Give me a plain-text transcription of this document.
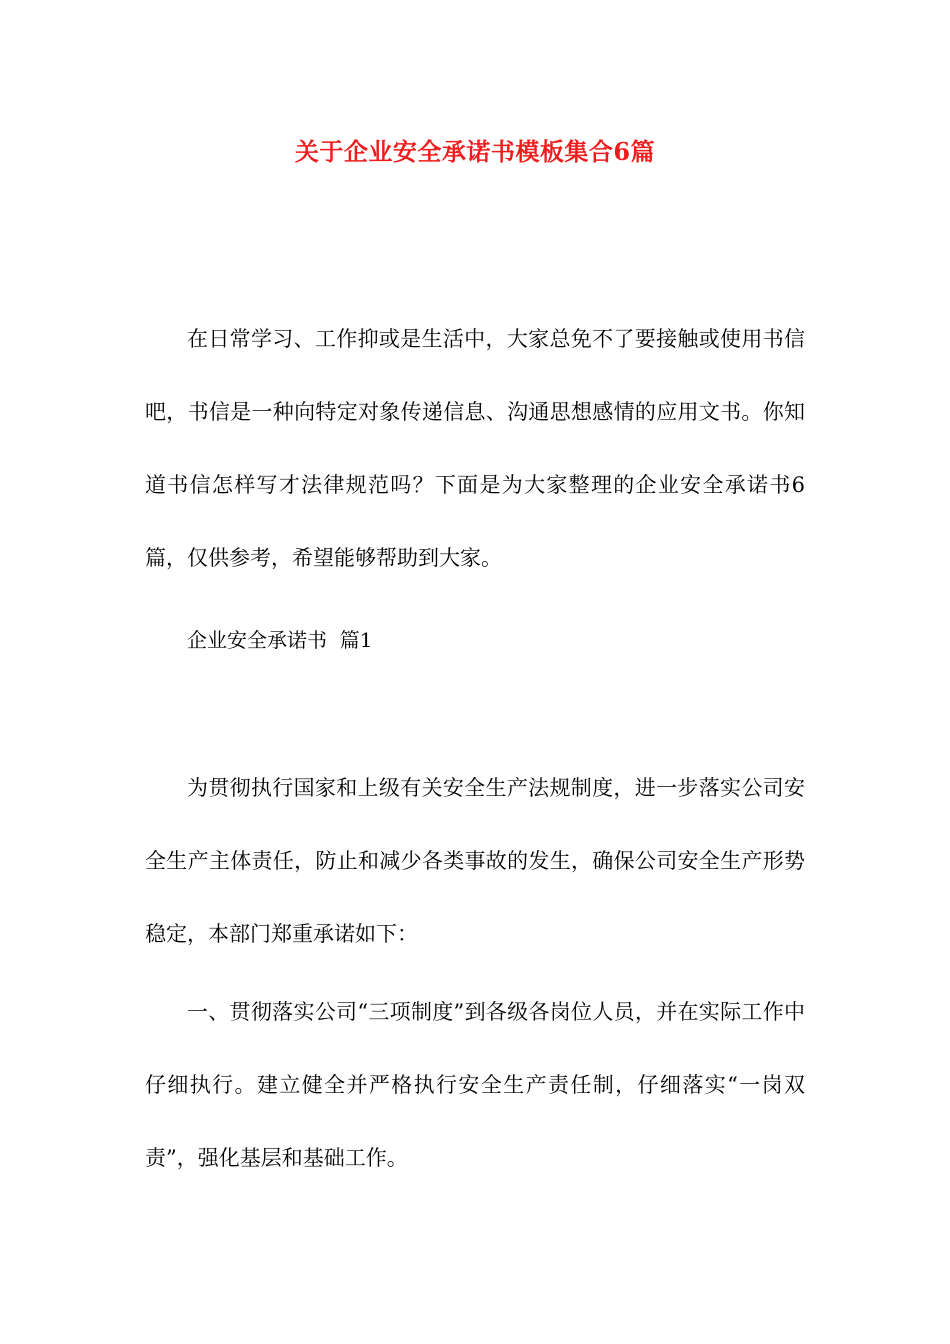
关于企业安全承诺书模板集合6篇

在日常学习、工作抑或是生活中，大家总免不了要接触或使用书信吧，书信是一种向特定对象传递信息、沟通思想感情的应用文书。你知道书信怎样写才法律规范吗？下面是为大家整理的企业安全承诺书6篇，仅供参考，希望能够帮助到大家。

企业安全承诺书  篇1

为贯彻执行国家和上级有关安全生产法规制度，进一步落实公司安全生产主体责任，防止和减少各类事故的发生，确保公司安全生产形势稳定，本部门郑重承诺如下：

一、贯彻落实公司“三项制度”到各级各岗位人员，并在实际工作中仔细执行。建立健全并严格执行安全生产责任制，仔细落实“一岗双责”，强化基层和基础工作。
